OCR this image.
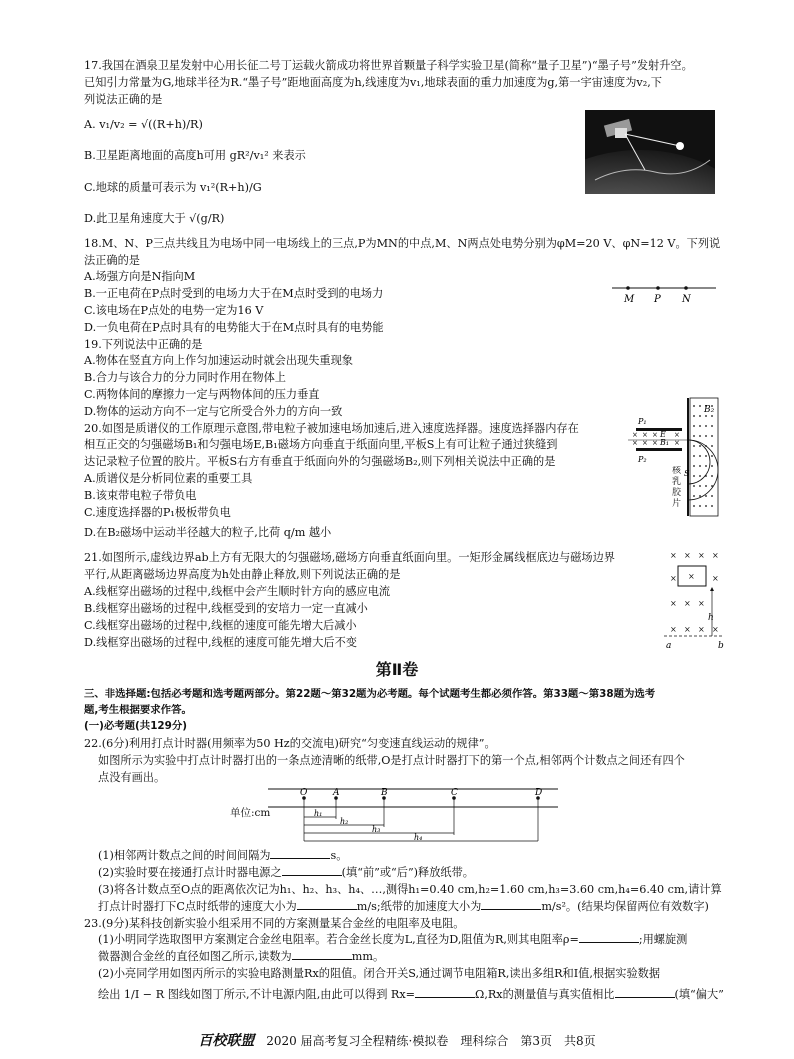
17.我国在酒泉卫星发射中心用长征二号丁运载火箭成功将世界首颗量子科学实验卫星(简称“量子卫星”)“墨子号”发射升空。
已知引力常量为G,地球半径为R.“墨子号”距地面高度为h,线速度为v₁,地球表面的重力加速度为g,第一宇宙速度为v₂,下
列说法正确的是
A. v₁/v₂ = √((R+h)/R)
B.卫星距离地面的高度h可用 gR²/v₁² 来表示
C.地球的质量可表示为 v₁²(R+h)/G
D.此卫星角速度大于 √(g/R)
18.M、N、P三点共线且为电场中同一电场线上的三点,P为MN的中点,M、N两点处电势分别为φM=20 V、φN=12 V。下列说
法正确的是
A.场强方向是N指向M
B.一正电荷在P点时受到的电场力大于在M点时受到的电场力
C.该电场在P点处的电势一定为16 V
D.一负电荷在P点时具有的电势能大于在M点时具有的电势能
M P N
19.下列说法中正确的是
A.物体在竖直方向上作匀加速运动时就会出现失重现象
B.合力与该合力的分力同时作用在物体上
C.两物体间的摩擦力一定与两物体间的压力垂直
D.物体的运动方向不一定与它所受合外力的方向一致
20.如图是质谱仪的工作原理示意图,带电粒子被加速电场加速后,进入速度选择器。速度选择器内存在
相互正交的匀强磁场B₁和匀强电场E,B₁磁场方向垂直于纸面向里,平板S上有可让粒子通过狭缝到
达记录粒子位置的胶片。平板S右方有垂直于纸面向外的匀强磁场B₂,则下列相关说法中正确的是
A.质谱仪是分析同位素的重要工具
B.该束带电粒子带负电
C.速度选择器的P₁极板带负电
D.在B₂磁场中运动半径越大的粒子,比荷 q/m 越小
B₂
P₁
P₂
× × × ×
× × × ×
E
B₁
S
核乳胶片
21.如图所示,虚线边界ab上方有无限大的匀强磁场,磁场方向垂直纸面向里。一矩形金属线框底边与磁场边界
平行,从距离磁场边界高度为h处由静止释放,则下列说法正确的是
A.线框穿出磁场的过程中,线框中会产生顺时针方向的感应电流
B.线框穿出磁场的过程中,线框受到的安培力一定一直减小
C.线框穿出磁场的过程中,线框的速度可能先增大后减小
D.线框穿出磁场的过程中,线框的速度可能先增大后不变
× × × ×
×	×
× × ×
× × × ×
×
h
a	b
第Ⅱ卷
三、非选择题:包括必考题和选考题两部分。第22题～第32题为必考题。每个试题考生都必须作答。第33题～第38题为选考
题,考生根据要求作答。
(一)必考题(共129分)
22.(6分)利用打点计时器(用频率为50 Hz的交流电)研究“匀变速直线运动的规律”。
如图所示为实验中打点计时器打出的一条点迹清晰的纸带,O是打点计时器打下的第一个点,相邻两个计数点之间还有四个
点没有画出。
O	A	B	C	D
h₁
h₂
h₃
h₄
单位:cm
(1)相邻两计数点之间的时间间隔为	s。
(2)实验时要在接通打点计时器电源之	(填“前”或“后”)释放纸带。
(3)将各计数点至O点的距离依次记为h₁、h₂、h₃、h₄、…,测得h₁=0.40 cm,h₂=1.60 cm,h₃=3.60 cm,h₄=6.40 cm,请计算
打点计时器打下C点时纸带的速度大小为	m/s;纸带的加速度大小为	m/s²。(结果均保留两位有效数字)
23.(9分)某科技创新实验小组采用不同的方案测量某合金丝的电阻率及电阻。
(1)小明同学选取图甲方案测定合金丝电阻率。若合金丝长度为L,直径为D,阻值为R,则其电阻率ρ=	;用螺旋测
微器测合金丝的直径如图乙所示,读数为	mm。
(2)小亮同学用如图丙所示的实验电路测量Rx的阻值。闭合开关S,通过调节电阻箱R,读出多组R和I值,根据实验数据
绘出 1/I − R 图线如图丁所示,不计电源内阻,由此可以得到 Rx=	Ω,Rx的测量值与真实值相比	(填“偏大”
百校联盟 2020 届高考复习全程精练·模拟卷　理科综合　第3页　共8页
